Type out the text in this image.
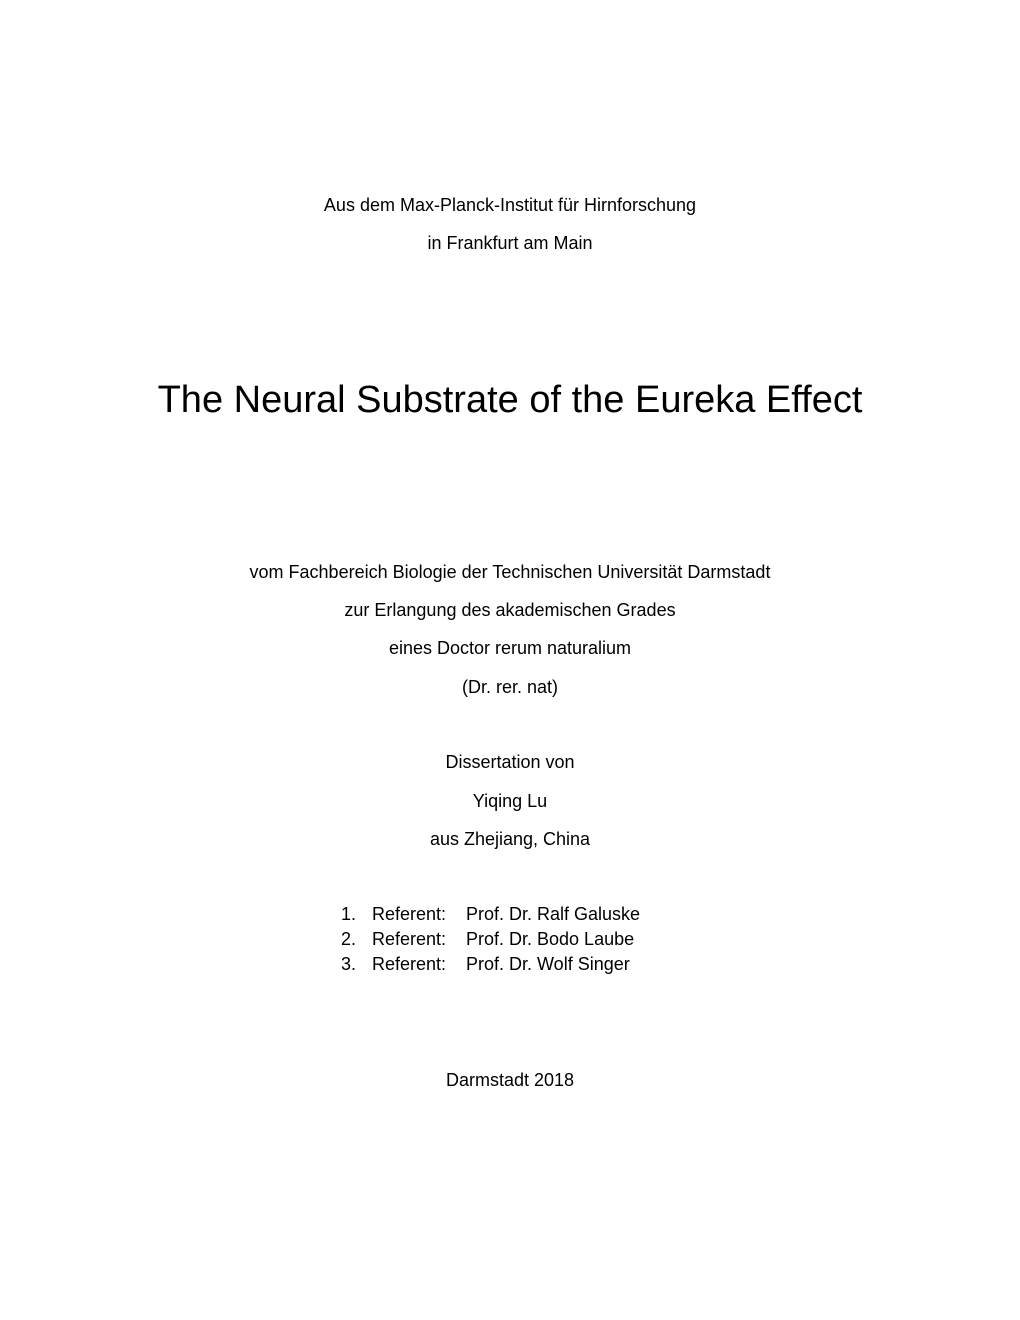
Aus dem Max-Planck-Institut für Hirnforschung
in Frankfurt am Main
The Neural Substrate of the Eureka Effect
vom Fachbereich Biologie der Technischen Universität Darmstadt
zur Erlangung des akademischen Grades
eines Doctor rerum naturalium
(Dr. rer. nat)
Dissertation von
Yiqing Lu
aus Zhejiang, China
1. Referent:	Prof. Dr. Ralf Galuske
2. Referent:	Prof. Dr. Bodo Laube
3. Referent:	Prof. Dr. Wolf Singer
Darmstadt 2018
